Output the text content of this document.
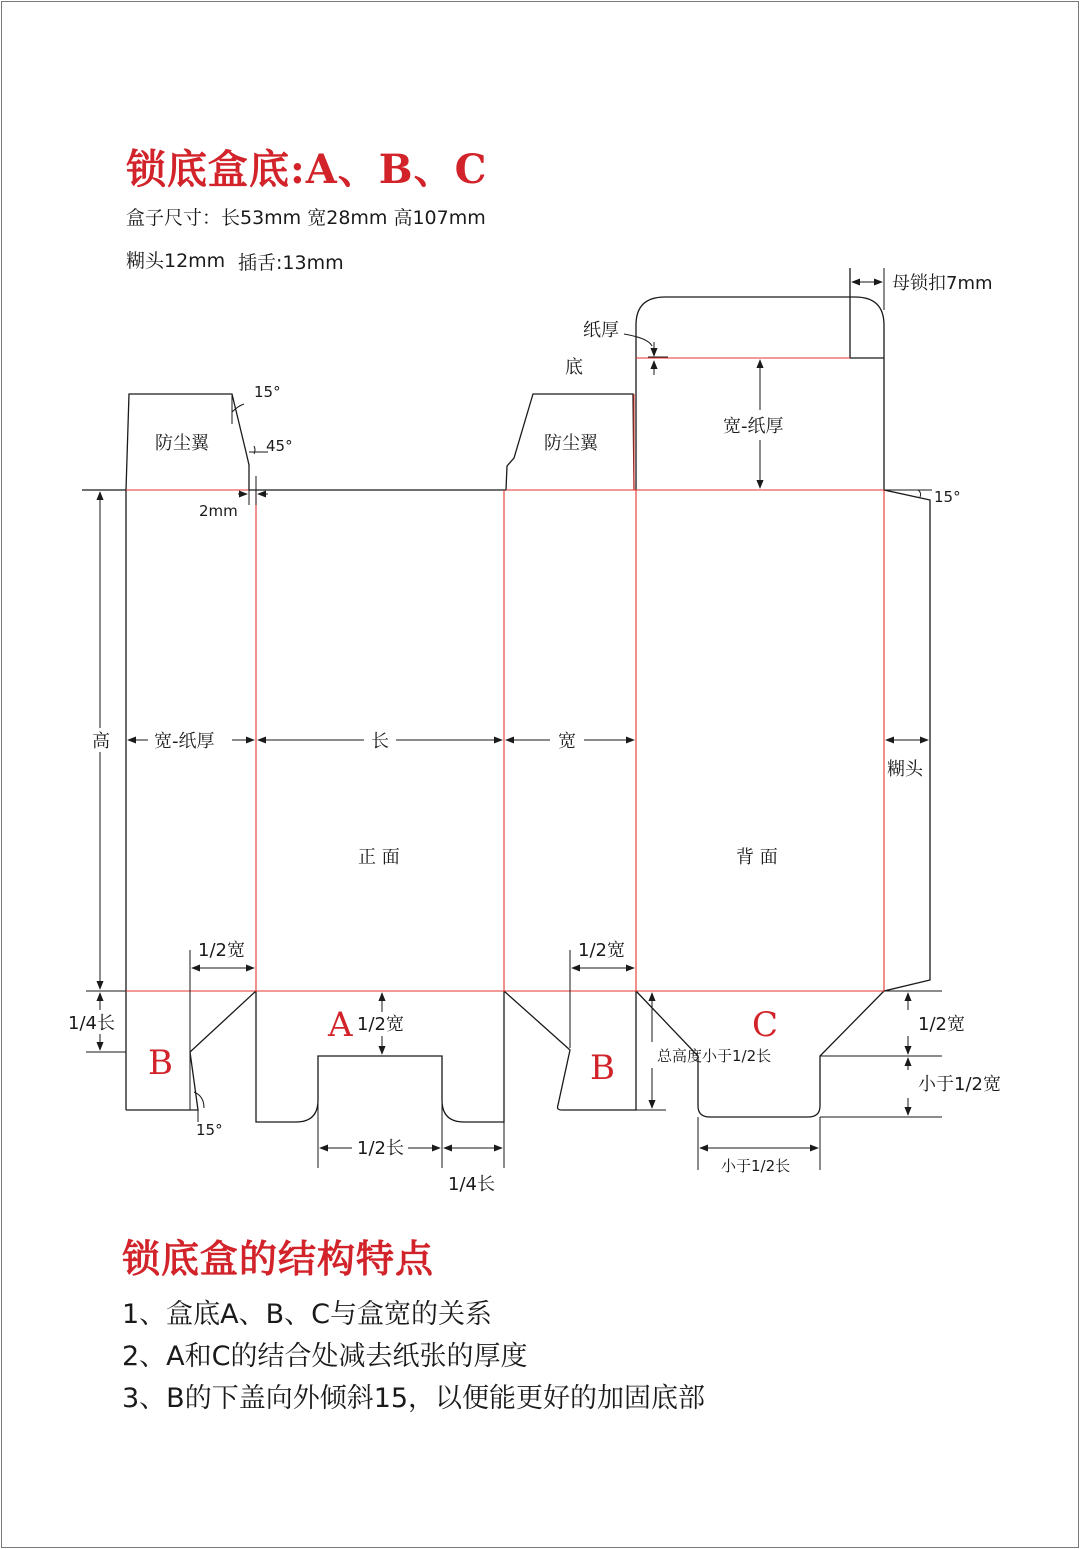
锁底盒底:A、B、C
盒子尺寸：长53mm 宽28mm 高107mm
糊头12mm 插舌:13mm
母锁扣7mm
纸厚
底
防尘翼	防尘翼
宽-纸厚
15°
45°
2mm
15°
高 宽-纸厚	长	宽
糊头
正 面	背 面
1/2宽	1/2宽
1/4长	A 1/2宽	C	1/2宽
B	B	总高度小于1/2长
小于1/2宽
15°
1/2长
1/4长
小于1/2长
锁底盒的结构特点
1、盒底A、B、C与盒宽的关系
2、A和C的结合处减去纸张的厚度
3、B的下盖向外倾斜15，以便能更好的加固底部
